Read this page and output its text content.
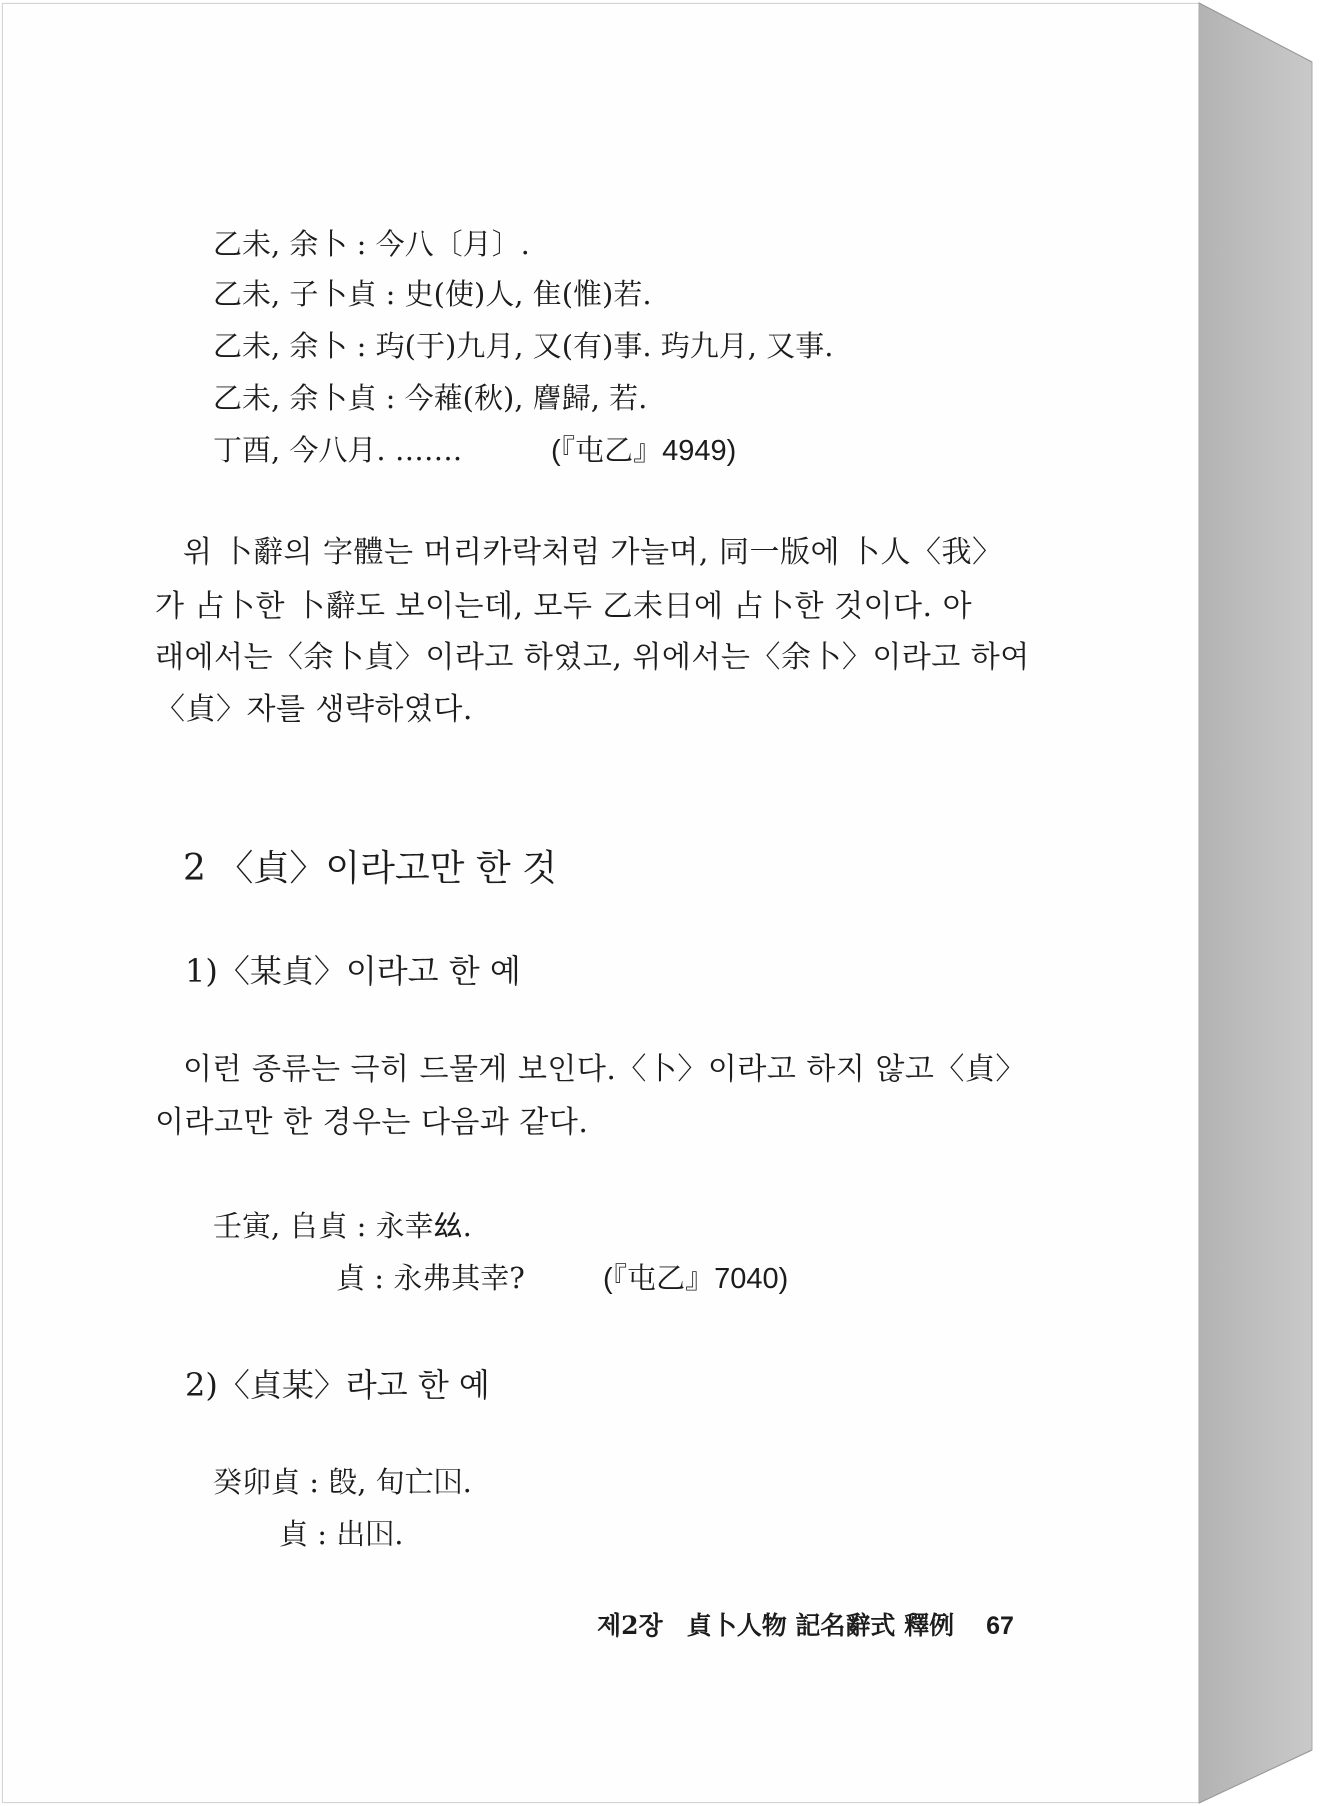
乙未, 余卜 : 今八〔月〕.
乙未, 子卜貞 : 史(使)人, 隹(惟)若.
乙未, 余卜 : 玙(于)九月, 又(有)事. 玙九月, 又事.
乙未, 余卜貞 : 今䕌(秋), 𪊨歸, 若.
丁酉, 今八月. …….	(『屯乙』4949)
위 卜辭의 字體는 머리카락처럼 가늘며, 同一版에 卜人〈我〉
가 占卜한 卜辭도 보이는데, 모두 乙未日에 占卜한 것이다. 아
래에서는〈余卜貞〉이라고 하였고, 위에서는〈余卜〉이라고 하여
〈貞〉자를 생략하였다.
2 〈貞〉이라고만 한 것
1)〈某貞〉이라고 한 예
이런 종류는 극히 드물게 보인다.〈卜〉이라고 하지 않고〈貞〉
이라고만 한 경우는 다음과 같다.
壬寅, 𠂤貞 : 永幸𢆶.
貞 : 永弗其幸?	(『屯乙』7040)
2)〈貞某〉라고 한 예
癸卯貞 : 𣪘, 旬亡𡆥.
貞 : 出𡆥.
제2장 貞卜人物 記名辭式 釋例 67
